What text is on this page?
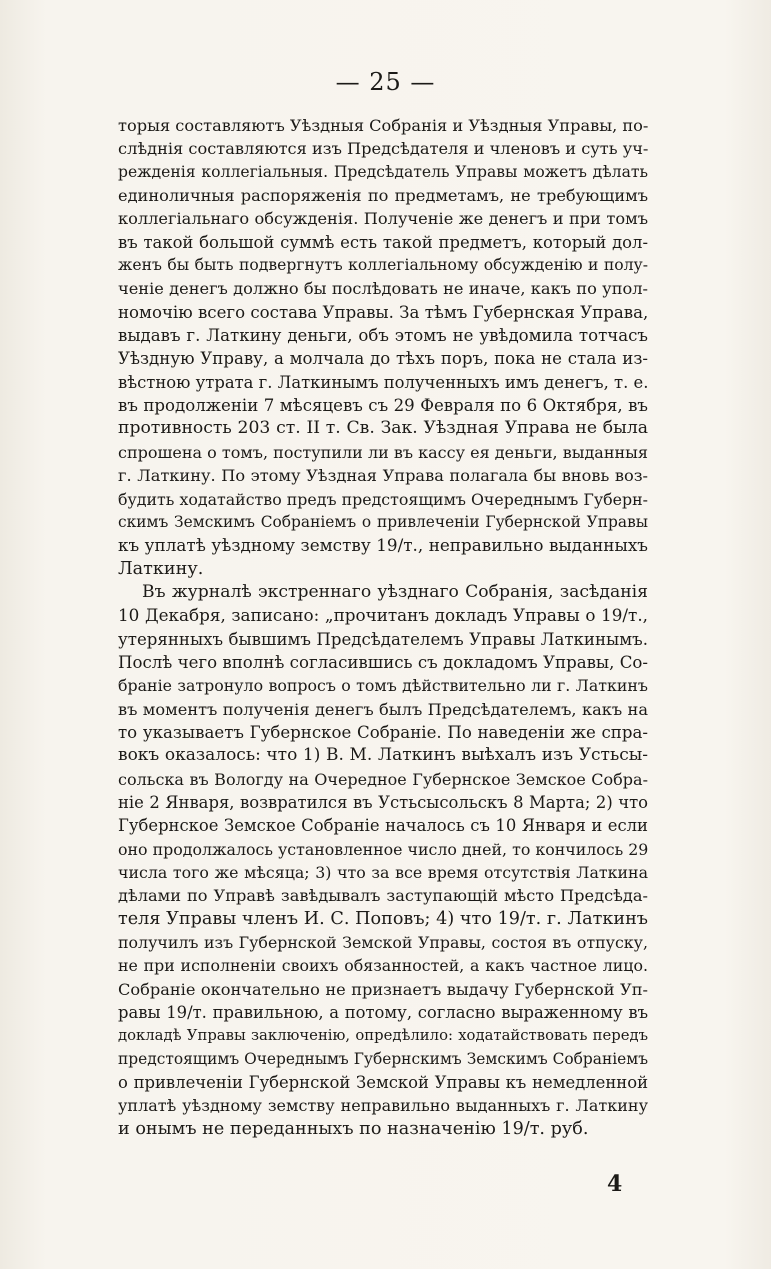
— 25 —
торыя составляютъ Уѣздныя Собранія и Уѣздныя Управы, по-
слѣднія составляются изъ Предсѣдателя и членовъ и суть уч-
режденія коллегіальныя. Предсѣдатель Управы можетъ дѣлать
единоличныя распоряженія по предметамъ, не требующимъ
коллегіальнаго обсужденія. Полученіе же денегъ и при томъ
въ такой большой суммѣ есть такой предметъ, который дол-
женъ бы быть подвергнутъ коллегіальному обсужденію и полу-
ченіе денегъ должно бы послѣдовать не иначе, какъ по упол-
номочію всего состава Управы. За тѣмъ Губернская Управа,
выдавъ г. Латкину деньги, объ этомъ не увѣдомила тотчасъ
Уѣздную Управу, а молчала до тѣхъ поръ, пока не стала из-
вѣстною утрата г. Латкинымъ полученныхъ имъ денегъ, т. е.
въ продолженіи 7 мѣсяцевъ съ 29 Февраля по 6 Октября, въ
противность 203 ст. II т. Св. Зак. Уѣздная Управа не была
спрошена о томъ, поступили ли въ кассу ея деньги, выданныя
г. Латкину. По этому Уѣздная Управа полагала бы вновь воз-
будить ходатайство предъ предстоящимъ Очереднымъ Губерн-
скимъ Земскимъ Собраніемъ о привлеченіи Губернской Управы
къ уплатѣ уѣздному земству 19/т., неправильно выданныхъ
Латкину.
Въ журналѣ экстреннаго уѣзднаго Собранія, засѣданія
10 Декабря, записано: „прочитанъ докладъ Управы о 19/т.,
утерянныхъ бывшимъ Предсѣдателемъ Управы Латкинымъ.
Послѣ чего вполнѣ согласившись съ докладомъ Управы, Со-
браніе затронуло вопросъ о томъ дѣйствительно ли г. Латкинъ
въ моментъ полученія денегъ былъ Предсѣдателемъ, какъ на
то указываетъ Губернское Собраніе. По наведеніи же спра-
вокъ оказалось: что 1) В. М. Латкинъ выѣхалъ изъ Устьсы-
сольска въ Вологду на Очередное Губернское Земское Собра-
ніе 2 Января, возвратился въ Устьсысольскъ 8 Марта; 2) что
Губернское Земское Собраніе началось съ 10 Января и если
оно продолжалось установленное число дней, то кончилось 29
числа того же мѣсяца; 3) что за все время отсутствія Латкина
дѣлами по Управѣ завѣдывалъ заступающій мѣсто Предсѣда-
теля Управы членъ И. С. Поповъ; 4) что 19/т. г. Латкинъ
получилъ изъ Губернской Земской Управы, состоя въ отпуску,
не при исполненіи своихъ обязанностей, а какъ частное лицо.
Собраніе окончательно не признаетъ выдачу Губернской Уп-
равы 19/т. правильною, а потому, согласно выраженному въ
докладѣ Управы заключенію, опредѣлило: ходатайствовать передъ
предстоящимъ Очереднымъ Губернскимъ Земскимъ Собраніемъ
о привлеченіи Губернской Земской Управы къ немедленной
уплатѣ уѣздному земству неправильно выданныхъ г. Латкину
и онымъ не переданныхъ по назначенію 19/т. руб.
4
